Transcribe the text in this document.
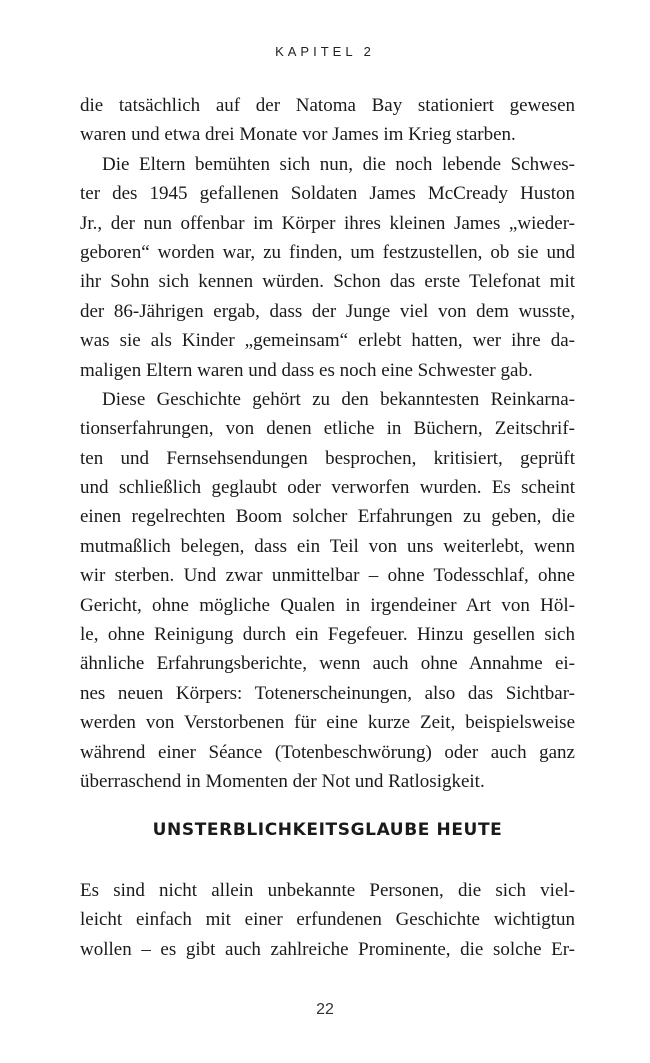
KAPITEL 2
die tatsächlich auf der Natoma Bay stationiert gewesen
waren und etwa drei Monate vor James im Krieg starben.
Die Eltern bemühten sich nun, die noch lebende Schwes-
ter des 1945 gefallenen Soldaten James McCready Huston
Jr., der nun offenbar im Körper ihres kleinen James „wieder-
geboren“ worden war, zu finden, um festzustellen, ob sie und
ihr Sohn sich kennen würden. Schon das erste Telefonat mit
der 86-Jährigen ergab, dass der Junge viel von dem wusste,
was sie als Kinder „gemeinsam“ erlebt hatten, wer ihre da-
maligen Eltern waren und dass es noch eine Schwester gab.
Diese Geschichte gehört zu den bekanntesten Reinkarna-
tionserfahrungen, von denen etliche in Büchern, Zeitschrif-
ten und Fernsehsendungen besprochen, kritisiert, geprüft
und schließlich geglaubt oder verworfen wurden. Es scheint
einen regelrechten Boom solcher Erfahrungen zu geben, die
mutmaßlich belegen, dass ein Teil von uns weiterlebt, wenn
wir sterben. Und zwar unmittelbar – ohne Todesschlaf, ohne
Gericht, ohne mögliche Qualen in irgendeiner Art von Höl-
le, ohne Reinigung durch ein Fegefeuer. Hinzu gesellen sich
ähnliche Erfahrungsberichte, wenn auch ohne Annahme ei-
nes neuen Körpers: Totenerscheinungen, also das Sichtbar-
werden von Verstorbenen für eine kurze Zeit, beispielsweise
während einer Séance (Totenbeschwörung) oder auch ganz
überraschend in Momenten der Not und Ratlosigkeit.
UNSTERBLICHKEITSGLAUBE HEUTE
Es sind nicht allein unbekannte Personen, die sich viel-
leicht einfach mit einer erfundenen Geschichte wichtigtun
wollen – es gibt auch zahlreiche Prominente, die solche Er-
22
